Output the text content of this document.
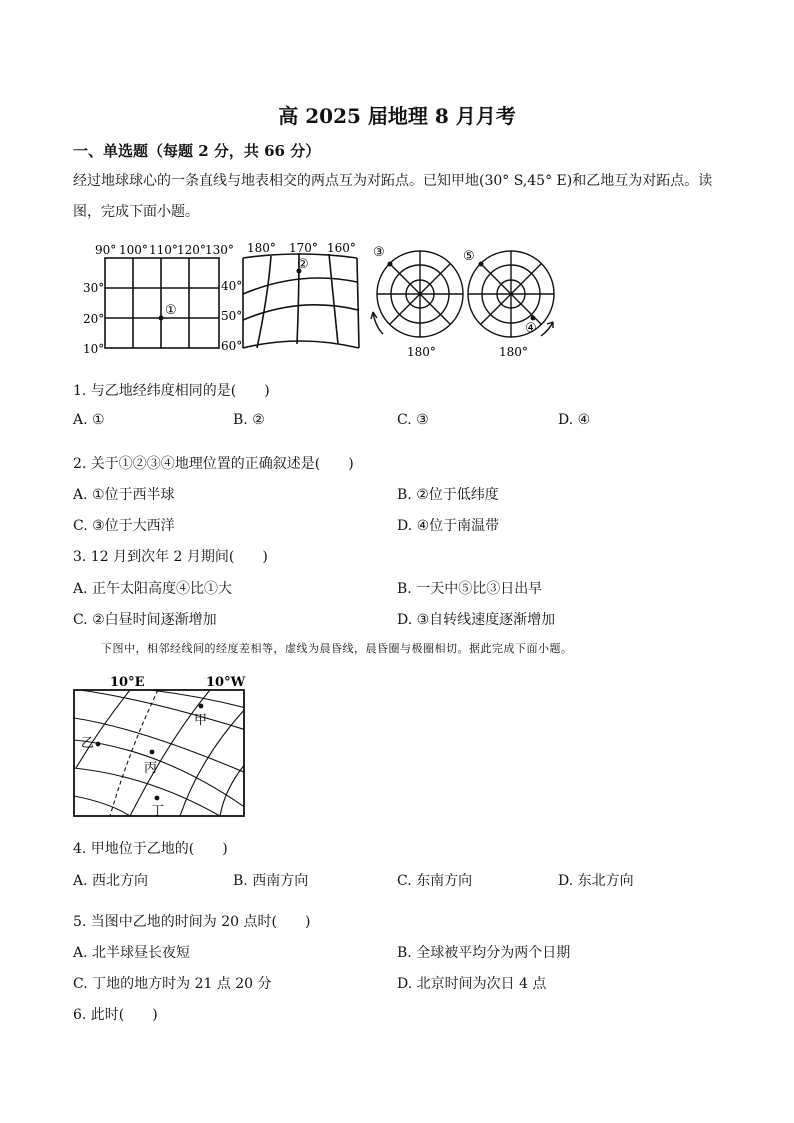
高 2025 届地理 8 月月考
一、单选题（每题 2 分，共 66 分）
经过地球球心的一条直线与地表相交的两点互为对跖点。已知甲地(30° S,45° E)和乙地互为对跖点。读
图，完成下面小题。
90° 100° 110° 120° 130°
30°
20°
10°
①
180° 170° 160°
40°
50°
60°
②
③
180°
⑤
④
180°
1. 与乙地经纬度相同的是(　　)
A. ①	B. ②	C. ③	D. ④
2. 关于①②③④地理位置的正确叙述是(　　)
A. ①位于西半球	B. ②位于低纬度
C. ③位于大西洋	D. ④位于南温带
3. 12 月到次年 2 月期间(　　)
A. 正午太阳高度④比①大	B. 一天中⑤比③日出早
C. ②白昼时间逐渐增加	D. ③自转线速度逐渐增加
下图中，相邻经线间的经度差相等，虚线为晨昏线，晨昏圈与极圈相切。据此完成下面小题。
10°E	10°W
甲
乙
丙
丁
4. 甲地位于乙地的(　　)
A. 西北方向	B. 西南方向	C. 东南方向	D. 东北方向
5. 当图中乙地的时间为 20 点时(　　)
A. 北半球昼长夜短	B. 全球被平均分为两个日期
C. 丁地的地方时为 21 点 20 分	D. 北京时间为次日 4 点
6. 此时(　　)
